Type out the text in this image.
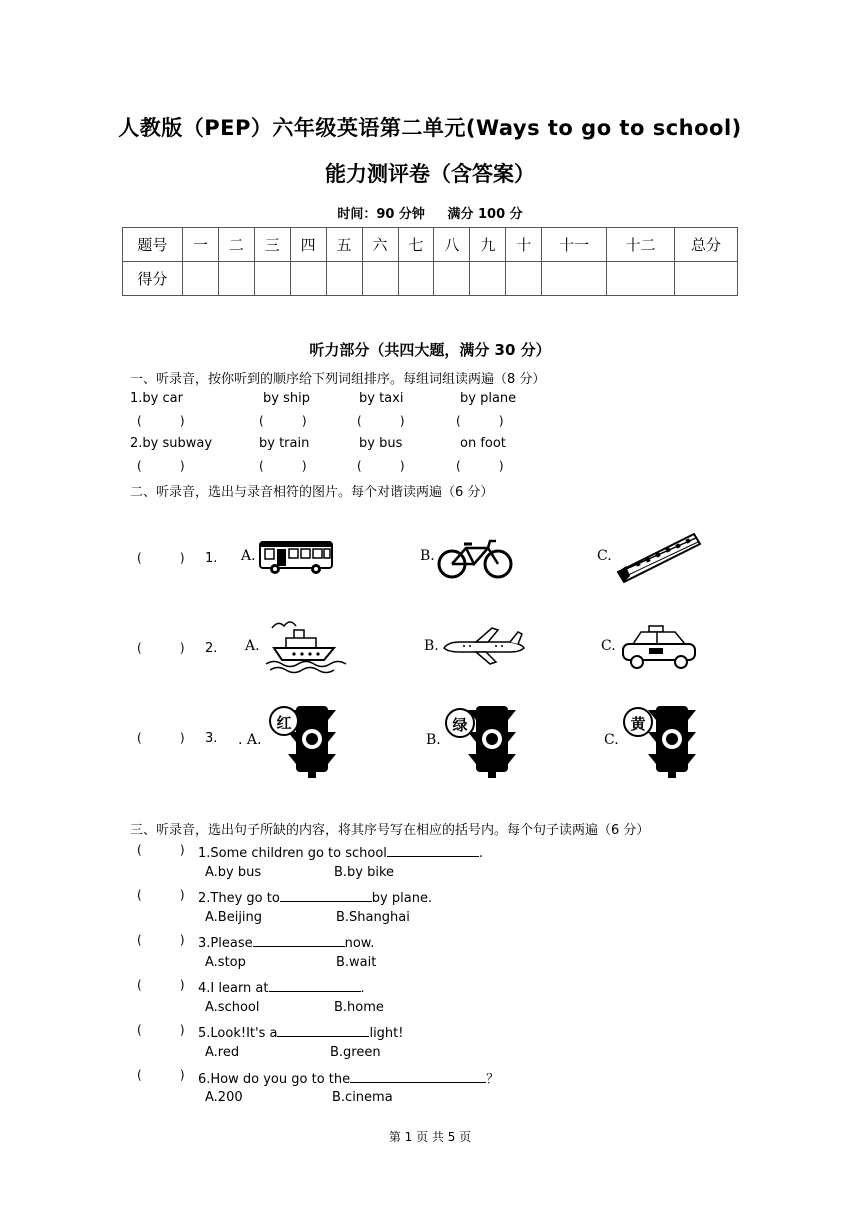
人教版（PEP）六年级英语第二单元(Ways to go to school)
能力测评卷（含答案）
时间：90 分钟 满分 100 分
题号	一	二	三	四	五	六	七	八	九	十	十一	十二	总分
得分													
听力部分（共四大题，满分 30 分）
一、听录音，按你听到的顺序给下列词组排序。每组词组读两遍（8 分）
1.by car	by ship	by taxi	by plane
(          )	(          )	(          )	(          )
2.by subway	by train	by bus	on foot
(          )	(          )	(          )	(          )
二、听录音，选出与录音相符的图片。每个对谐读两遍（6 分）
(          ) 1. A.	B.	C.
(          ) 2. A.	B.	C.
(          ) 3. . A.
红
B.
绿
C.
黄
三、听录音，选出句子所缺的内容，将其序号写在相应的括号内。每个句子读两遍（6 分）
(          ) 1.Some children go to school	.
A.by bus	B.by bike
(          ) 2.They go to	by plane.
A.Beijing	B.Shanghai
(          ) 3.Please	now.
A.stop	B.wait
(          ) 4.I learn at	.
A.school	B.home
(          ) 5.Look!It's a	light!
A.red	B.green
(          ) 6.How do you go to the	？
A.200	B.cinema
第 1 页 共 5 页
